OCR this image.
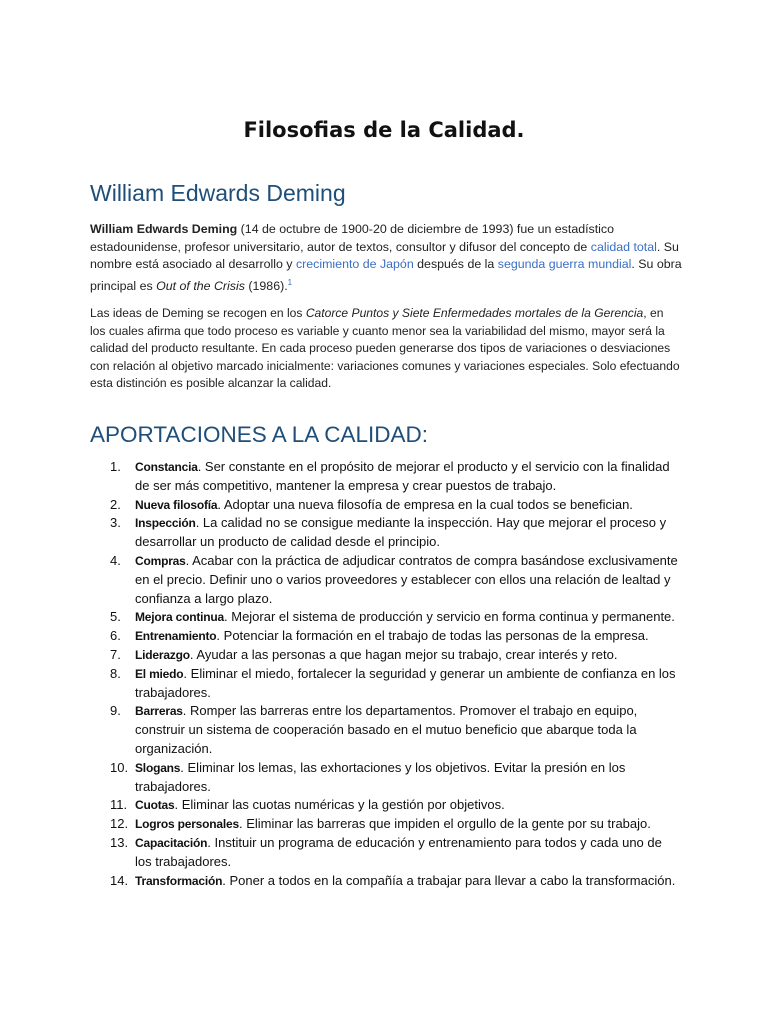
Filosofias de la Calidad.
William Edwards Deming

William Edwards Deming (14 de octubre de 1900-20 de diciembre de 1993) fue un estadístico estadounidense, profesor universitario, autor de textos, consultor y difusor del concepto de calidad total. Su nombre está asociado al desarrollo y crecimiento de Japón después de la segunda guerra mundial. Su obra principal es Out of the Crisis (1986).$^1$

Las ideas de Deming se recogen en los Catorce Puntos y Siete Enfermedades mortales de la Gerencia, en los cuales afirma que todo proceso es variable y cuanto menor sea la variabilidad del mismo, mayor será la calidad del producto resultante. En cada proceso pueden generarse dos tipos de variaciones o desviaciones con relación al objetivo marcado inicialmente: variaciones comunes y variaciones especiales. Solo efectuando esta distinción es posible alcanzar la calidad.

APORTACIONES A LA CALIDAD:
1.	Constancia. Ser constante en el propósito de mejorar el producto y el servicio con la finalidad de ser más competitivo, mantener la empresa y crear puestos de trabajo.
2.	Nueva filosofía. Adoptar una nueva filosofía de empresa en la cual todos se benefician.
3.	Inspección. La calidad no se consigue mediante la inspección. Hay que mejorar el proceso y desarrollar un producto de calidad desde el principio.
4.	Compras. Acabar con la práctica de adjudicar contratos de compra basándose exclusivamente en el precio. Definir uno o varios proveedores y establecer con ellos una relación de lealtad y confianza a largo plazo.
5.	Mejora continua. Mejorar el sistema de producción y servicio en forma continua y permanente.
6.	Entrenamiento. Potenciar la formación en el trabajo de todas las personas de la empresa.
7.	Liderazgo. Ayudar a las personas a que hagan mejor su trabajo, crear interés y reto.
8.	El miedo. Eliminar el miedo, fortalecer la seguridad y generar un ambiente de confianza en los trabajadores.
9.	Barreras. Romper las barreras entre los departamentos. Promover el trabajo en equipo, construir un sistema de cooperación basado en el mutuo beneficio que abarque toda la organización.
10. Slogans. Eliminar los lemas, las exhortaciones y los objetivos. Evitar la presión en los trabajadores.
11. Cuotas. Eliminar las cuotas numéricas y la gestión por objetivos.
12. Logros personales. Eliminar las barreras que impiden el orgullo de la gente por su trabajo.
13. Capacitación. Instituir un programa de educación y entrenamiento para todos y cada uno de los trabajadores.
14. Transformación. Poner a todos en la compañía a trabajar para llevar a cabo la transformación.
